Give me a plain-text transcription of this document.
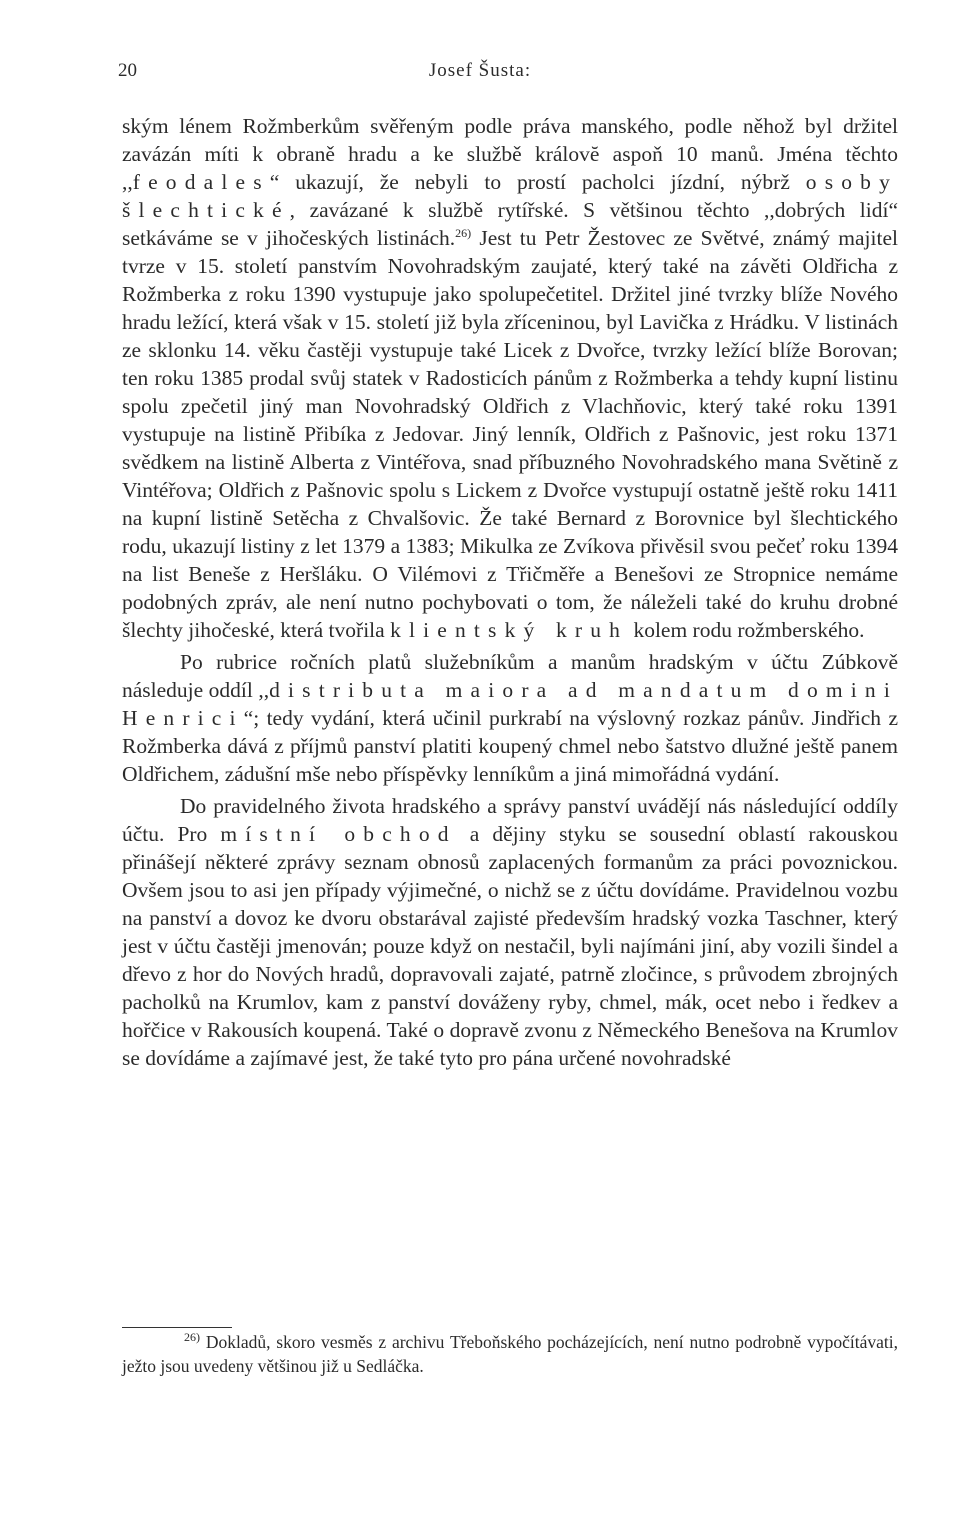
20	Josef Šusta:

ským lénem Rožmberkům svěřeným podle práva manského, podle něhož byl držitel zavázán míti k obraně hradu a ke službě královĕ aspoň 10 manů. Jména těchto ,,feodales“ ukazují, že nebyli to prostí pacholci jízdní, nýbrž osoby šlechtické, zavázané k službě rytířské. S většinou těchto ,,dobrých lidí“ setkáváme se v jihočeských listinách.$^{26)}$ Jest tu Petr Žestovec ze Světvé, známý majitel tvrze v 15. století panstvím Novohradským zaujaté, který také na závěti Oldřicha z Rožmberka z roku 1390 vystupuje jako spolupečetitel. Držitel jiné tvrzky blíže Nového hradu ležící, která však v 15. století již byla zříceninou, byl Lavička z Hrádku. V listinách ze sklonku 14. věku častěji vystupuje také Licek z Dvořce, tvrzky ležící blíže Borovan; ten roku 1385 prodal svůj statek v Radosticích pánům z Rožmberka a tehdy kupní listinu spolu zpečetil jiný man Novohradský Oldřich z Vlachňovic, který také roku 1391 vystupuje na listině Přibíka z Jedovar. Jiný lenník, Oldřich z Pašnovic, jest roku 1371 svědkem na listině Alberta z Vintéřova, snad příbuzného Novohradského mana Světině z Vintéřova; Oldřich z Pašnovic spolu s Lickem z Dvořce vystupují ostatně ještě roku 1411 na kupní listině Setěcha z Chvalšovic. Že také Bernard z Borovnice byl šlechtického rodu, ukazují listiny z let 1379 a 1383; Mikulka ze Zvíkova přivěsil svou pečeť roku 1394 na list Beneše z Heršláku. O Vilémovi z Třičměře a Benešovi ze Stropnice nemáme podobných zpráv, ale není nutno pochybovati o tom, že náleželi také do kruhu drobné šlechty jihočeské, která tvořila klientský kruh kolem rodu rožmberského.

Po rubrice ročních platů služebníkům a manům hradským v účtu Zúbkově následuje oddíl ,,distributa maiora ad mandatum domini Henrici“; tedy vydání, která učinil purkrabí na výslovný rozkaz pánův. Jindřich z Rožmberka dává z příjmů panství platiti koupený chmel nebo šatstvo dlužné ještě panem Oldřichem, zádušní mše nebo příspěvky lenníkům a jiná mimořádná vydání.

Do pravidelného života hradského a správy panství uvádějí nás následující oddíly účtu. Pro místní obchod a dějiny styku se sousední oblastí rakouskou přinášejí některé zprávy seznam obnosů zaplacených formanům za práci povoznickou. Ovšem jsou to asi jen případy výjimečné, o nichž se z účtu dovídáme. Pravidelnou vozbu na panství a dovoz ke dvoru obstarával zajisté především hradský vozka Taschner, který jest v účtu častěji jmenován; pouze když on nestačil, byli najímáni jiní, aby vozili šindel a dřevo z hor do Nových hradů, dopravovali zajaté, patrně zločince, s průvodem zbrojných pacholků na Krumlov, kam z panství dováženy ryby, chmel, mák, ocet nebo i ředkev a hořčice v Rakousích koupená. Také o dopravě zvonu z Německého Benešova na Krumlov se dovídáme a zajímavé jest, že také tyto pro pána určené novohradské

$^{26)}$ Dokladů, skoro vesměs z archivu Třeboňského pocházejících, není nutno podrobně vypočítávati, ježto jsou uvedeny většinou již u Sedláčka.
